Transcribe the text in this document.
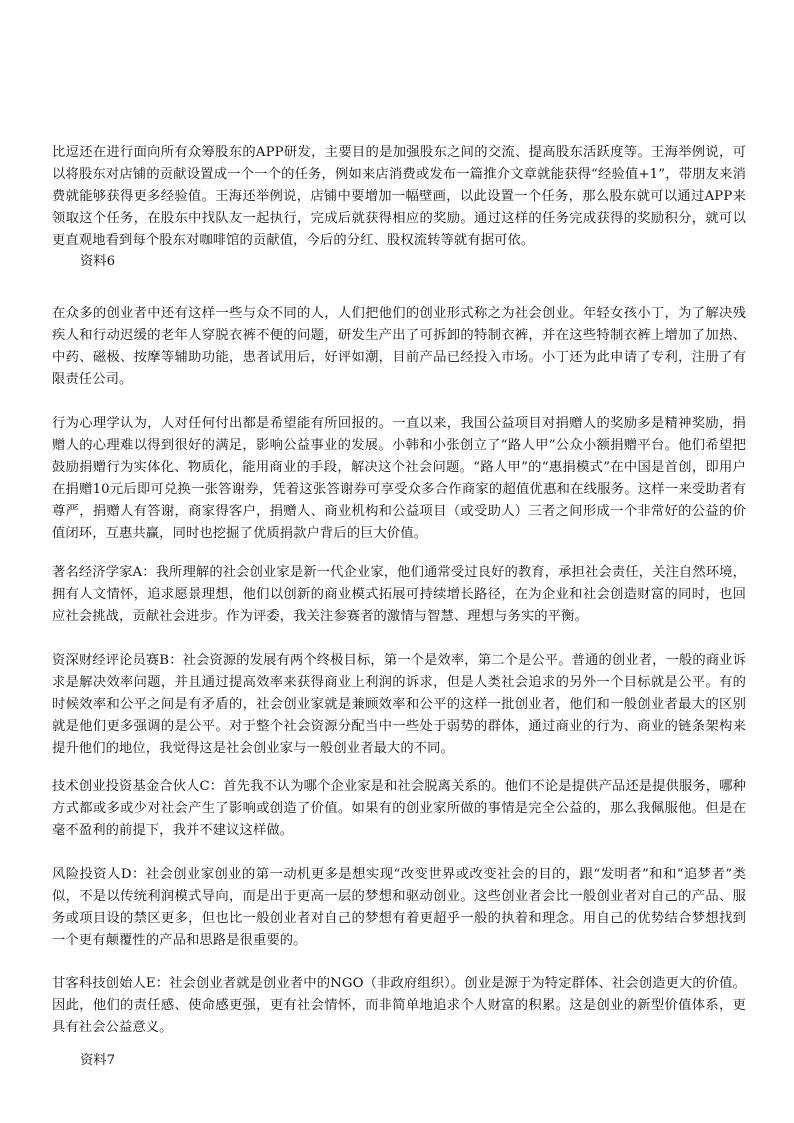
比逗还在进行面向所有众筹股东的APP研发，主要目的是加强股东之间的交流、提高股东活跃度等。王海举例说，可以将股东对店铺的贡献设置成一个一个的任务，例如来店消费或发布一篇推介文章就能获得“经验值+1”，带朋友来消费就能够获得更多经验值。王海还举例说，店铺中要增加一幅壁画，以此设置一个任务，那么股东就可以通过APP来领取这个任务，在股东中找队友一起执行，完成后就获得相应的奖励。通过这样的任务完成获得的奖励积分，就可以更直观地看到每个股东对咖啡馆的贡献值，今后的分红、股权流转等就有据可依。

资料6

在众多的创业者中还有这样一些与众不同的人，人们把他们的创业形式称之为社会创业。年轻女孩小丁，为了解决残疾人和行动迟缓的老年人穿脱衣裤不便的问题，研发生产出了可拆卸的特制衣裤，并在这些特制衣裤上增加了加热、中药、磁极、按摩等辅助功能，患者试用后，好评如潮，目前产品已经投入市场。小丁还为此申请了专利，注册了有限责任公司。

行为心理学认为，人对任何付出都是希望能有所回报的。一直以来，我国公益项目对捐赠人的奖励多是精神奖励，捐赠人的心理难以得到很好的满足，影响公益事业的发展。小韩和小张创立了“路人甲”公众小额捐赠平台。他们希望把鼓励捐赠行为实体化、物质化，能用商业的手段，解决这个社会问题。“路人甲”的“惠捐模式”在中国是首创，即用户在捐赠10元后即可兑换一张答谢券，凭着这张答谢券可享受众多合作商家的超值优惠和在线服务。这样一来受助者有尊严，捐赠人有答谢，商家得客户，捐赠人、商业机构和公益项目（或受助人）三者之间形成一个非常好的公益的价值闭环，互惠共赢，同时也挖掘了优质捐款户背后的巨大价值。

著名经济学家A：我所理解的社会创业家是新一代企业家，他们通常受过良好的教育，承担社会责任，关注自然环境，拥有人文情怀，追求愿景理想，他们以创新的商业模式拓展可持续增长路径，在为企业和社会创造财富的同时，也回应社会挑战，贡献社会进步。作为评委，我关注参赛者的激情与智慧、理想与务实的平衡。

资深财经评论员赛B：社会资源的发展有两个终极目标，第一个是效率，第二个是公平。普通的创业者，一般的商业诉求是解决效率问题，并且通过提高效率来获得商业上利润的诉求，但是人类社会追求的另外一个目标就是公平。有的时候效率和公平之间是有矛盾的，社会创业家就是兼顾效率和公平的这样一批创业者，他们和一般创业者最大的区别就是他们更多强调的是公平。对于整个社会资源分配当中一些处于弱势的群体，通过商业的行为、商业的链条架构来提升他们的地位，我觉得这是社会创业家与一般创业者最大的不同。

技术创业投资基金合伙人C：首先我不认为哪个企业家是和社会脱离关系的。他们不论是提供产品还是提供服务，哪种方式都或多或少对社会产生了影响或创造了价值。如果有的创业家所做的事情是完全公益的，那么我佩服他。但是在毫不盈利的前提下，我并不建议这样做。

风险投资人D：社会创业家创业的第一动机更多是想实现“改变世界或改变社会的目的，跟“发明者”和和“追梦者”类似，不是以传统利润模式导向，而是出于更高一层的梦想和驱动创业。这些创业者会比一般创业者对自己的产品、服务或项目设的禁区更多，但也比一般创业者对自己的梦想有着更超乎一般的执着和理念。用自己的优势结合梦想找到一个更有颠覆性的产品和思路是很重要的。

甘客科技创始人E：社会创业者就是创业者中的NGO（非政府组织）。创业是源于为特定群体、社会创造更大的价值。因此，他们的责任感、使命感更强，更有社会情怀，而非简单地追求个人财富的积累。这是创业的新型价值体系，更具有社会公益意义。

资料7
